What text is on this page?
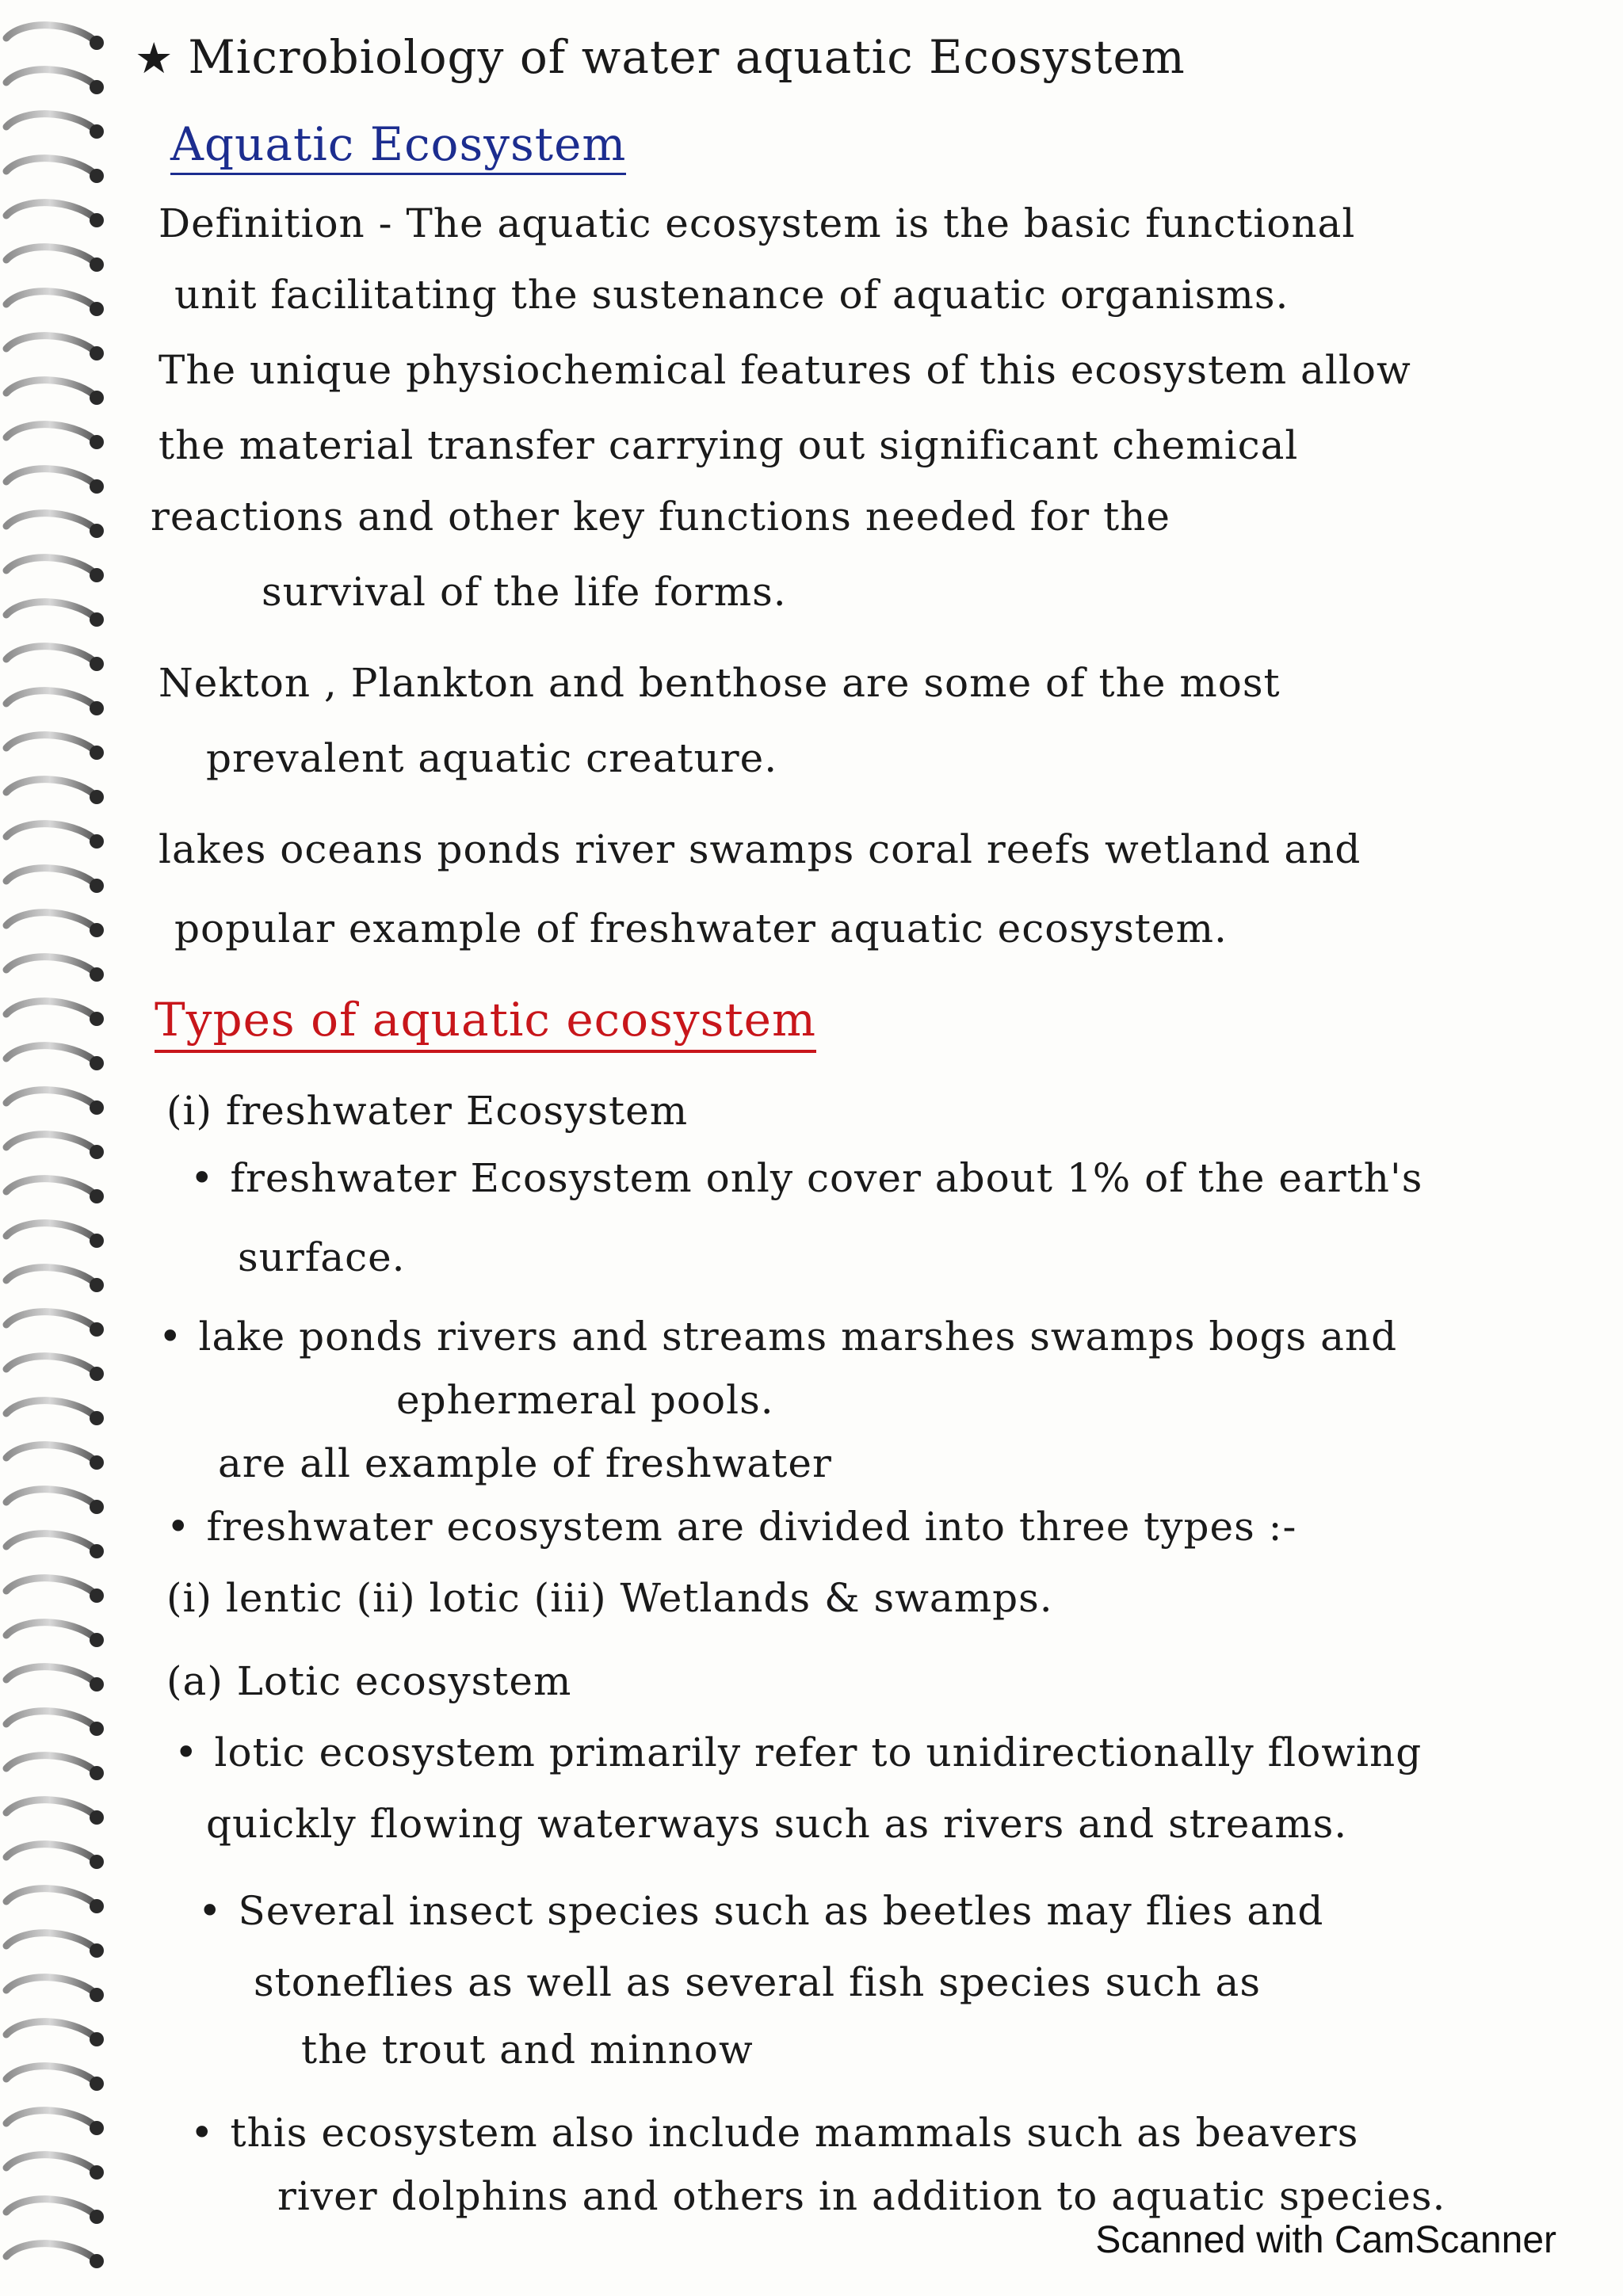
★ Microbiology of water aquatic Ecosystem
Aquatic Ecosystem
Definition - The aquatic ecosystem is the basic functional
unit facilitating the sustenance of aquatic organisms.
The unique physiochemical features of this ecosystem allow
the material transfer carrying out significant chemical
reactions and other key functions needed for the
survival of the life forms.
Nekton , Plankton and benthose are some of the most
prevalent aquatic creature.
lakes oceans ponds river swamps coral reefs wetland and
popular example of freshwater aquatic ecosystem.
Types of aquatic ecosystem
(i) freshwater Ecosystem
• freshwater Ecosystem only cover about 1% of the earth's
surface.
• lake ponds rivers and streams marshes swamps bogs and
ephermeral pools.
are all example of freshwater
• freshwater ecosystem are divided into three types :-
(i) lentic (ii) lotic (iii) Wetlands & swamps.
(a) Lotic ecosystem
• lotic ecosystem primarily refer to unidirectionally flowing
quickly flowing waterways such as rivers and streams.
• Several insect species such as beetles may flies and
stoneflies as well as several fish species such as
the trout and minnow
• this ecosystem also include mammals such as beavers
river dolphins and others in addition to aquatic species.
Scanned with CamScanner
